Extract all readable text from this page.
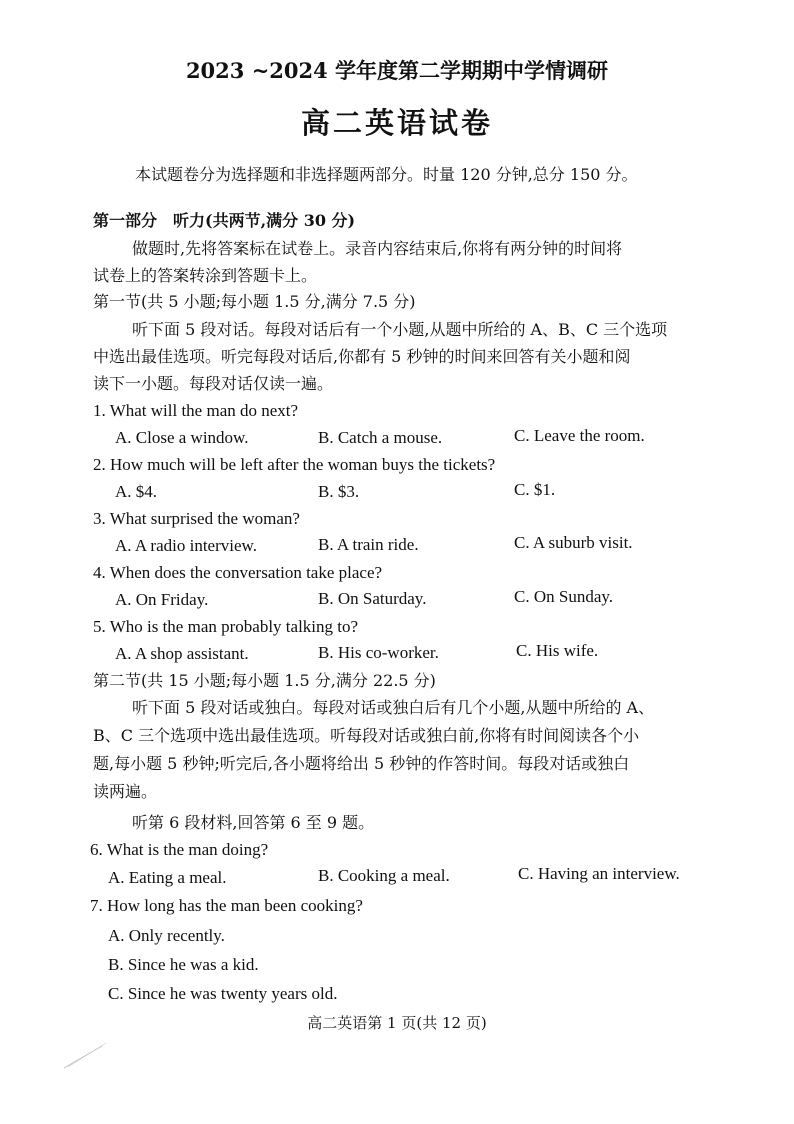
2023 ~2024 学年度第二学期期中学情调研
高二英语试卷
本试题卷分为选择题和非选择题两部分。时量 120 分钟,总分 150 分。
第一部分　听力(共两节,满分 30 分)
做题时,先将答案标在试卷上。录音内容结束后,你将有两分钟的时间将
试卷上的答案转涂到答题卡上。
第一节(共 5 小题;每小题 1.5 分,满分 7.5 分)
听下面 5 段对话。每段对话后有一个小题,从题中所给的 A、B、C 三个选项
中选出最佳选项。听完每段对话后,你都有 5 秒钟的时间来回答有关小题和阅
读下一小题。每段对话仅读一遍。
1. What will the man do next?
A. Close a window.	B. Catch a mouse.	C. Leave the room.
2. How much will be left after the woman buys the tickets?
A. $4.	B. $3.	C. $1.
3. What surprised the woman?
A. A radio interview.	B. A train ride.	C. A suburb visit.
4. When does the conversation take place?
A. On Friday.	B. On Saturday.	C. On Sunday.
5. Who is the man probably talking to?
A. A shop assistant.	B. His co-worker.	C. His wife.
第二节(共 15 小题;每小题 1.5 分,满分 22.5 分)
听下面 5 段对话或独白。每段对话或独白后有几个小题,从题中所给的 A、
B、C 三个选项中选出最佳选项。听每段对话或独白前,你将有时间阅读各个小
题,每小题 5 秒钟;听完后,各小题将给出 5 秒钟的作答时间。每段对话或独白
读两遍。
听第 6 段材料,回答第 6 至 9 题。
6. What is the man doing?
A. Eating a meal.	B. Cooking a meal.	C. Having an interview.
7. How long has the man been cooking?
A. Only recently.
B. Since he was a kid.
C. Since he was twenty years old.
高二英语第 1 页(共 12 页)
